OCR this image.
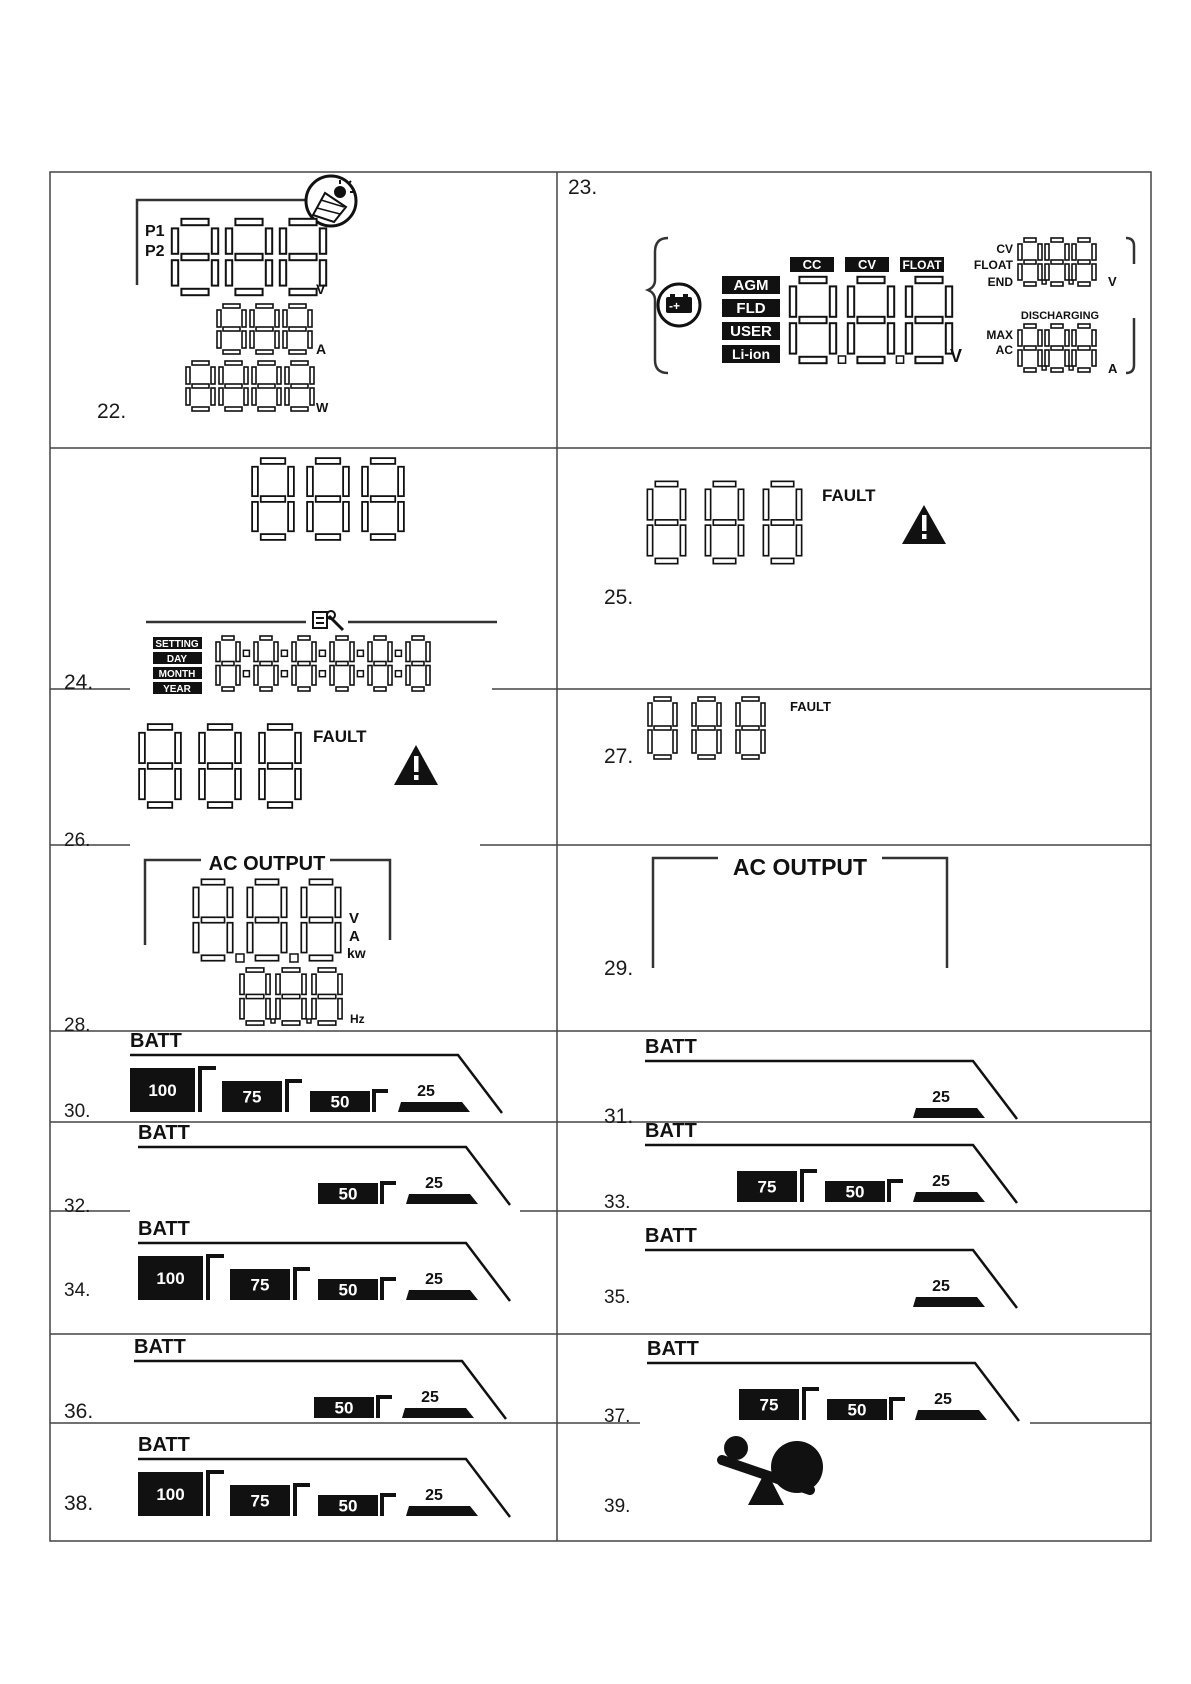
22.
23.
24.
25.
26.
27.
28.
29.
30.	31.
32.	33.
34.	35.
36.	37.
38.	39.
P1
P2
V
A
W
-+
AGM
FLD
USER
Li-ion
CC	CV FLOAT
V
CV
FLOAT
END	V
DISCHARGING
MAX
AC
A
SETTING
DAY
MONTH
YEAR
FAULT
FAULT
FAULT
AC OUTPUT
V
A
kw
Hz
AC OUTPUT
BATT
100	75	50
25
BATT
25
BATT
50
25
BATT
75	50
25
BATT
100	75	50
25
BATT
25
BATT
50
25
BATT
75	50
25
BATT
100	75	50
25
